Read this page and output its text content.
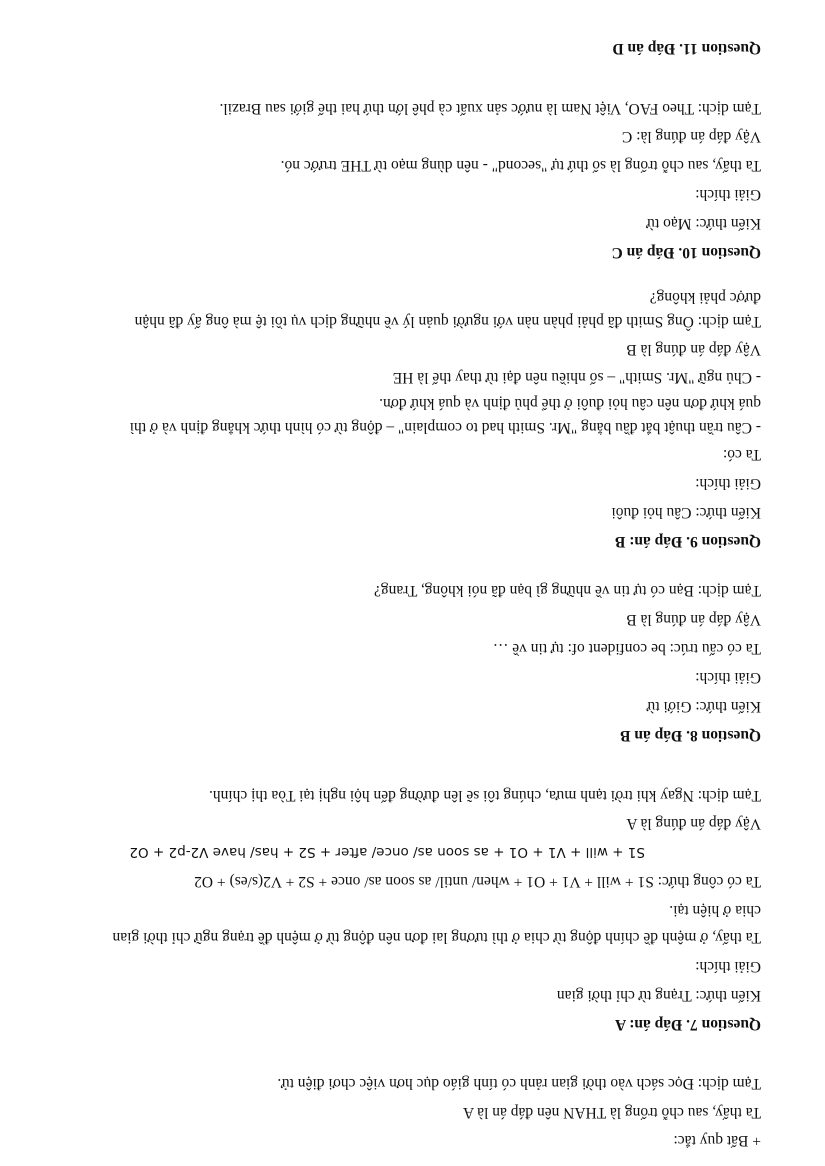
+ Bất quy tắc:
Ta thấy, sau chỗ trống là THAN nên đáp án là A
Tạm dịch: Đọc sách vào thời gian rảnh có tính giáo dục hơn việc chơi điện tử.
Question 7. Đáp án: A
Kiến thức: Trạng từ chỉ thời gian
Giải thích:
Ta thấy, ở mệnh đề chính động từ chia ở thì tương lai đơn nên động từ ở mệnh đề trạng ngữ chỉ thời gian
chia ở hiện tại.
Ta có công thức: S1 + will + V1 + O1 + when/ until/ as soon as/ once + S2 + V2(s/es) + O2
S1 + will + V1 + O1 + as soon as/ once/ after + S2 + has/ have V2-p2 + O2
Vậy đáp án đúng là A
Tạm dịch: Ngay khi trời tạnh mưa, chúng tôi sẽ lên đường đến hội nghị tại Tòa thị chính.
Question 8. Đáp án B
Kiến thức: Giới từ
Giải thích:
Ta có cấu trúc: be confident of: tự tin về …
Vậy đáp án đúng là B
Tạm dịch: Bạn có tự tin về những gì bạn đã nói không, Trang?
Question 9. Đáp án: B
Kiến thức: Câu hỏi đuôi
Giải thích:
Ta có:
- Câu trần thuật bắt đầu bằng "Mr. Smith had to complain" – động từ có hình thức khẳng định và ở thì
quá khứ đơn nên câu hỏi đuôi ở thể phủ định và quá khứ đơn.
- Chủ ngữ "Mr. Smith" – số nhiều nên đại từ thay thế là HE
Vậy đáp án đúng là B
Tạm dịch: Ông Smith đã phải phàn nàn với người quản lý về những dịch vụ tồi tệ mà ông ấy đã nhận
được phải không?
Question 10. Đáp án C
Kiến thức: Mạo từ
Giải thích:
Ta thấy, sau chỗ trống là số thứ tự "second" - nên dùng mạo từ THE trước nó.
Vậy đáp án đúng là: C
Tạm dịch: Theo FAO, Việt Nam là nước sản xuất cà phê lớn thứ hai thế giới sau Brazil.
Question 11. Đáp án D
